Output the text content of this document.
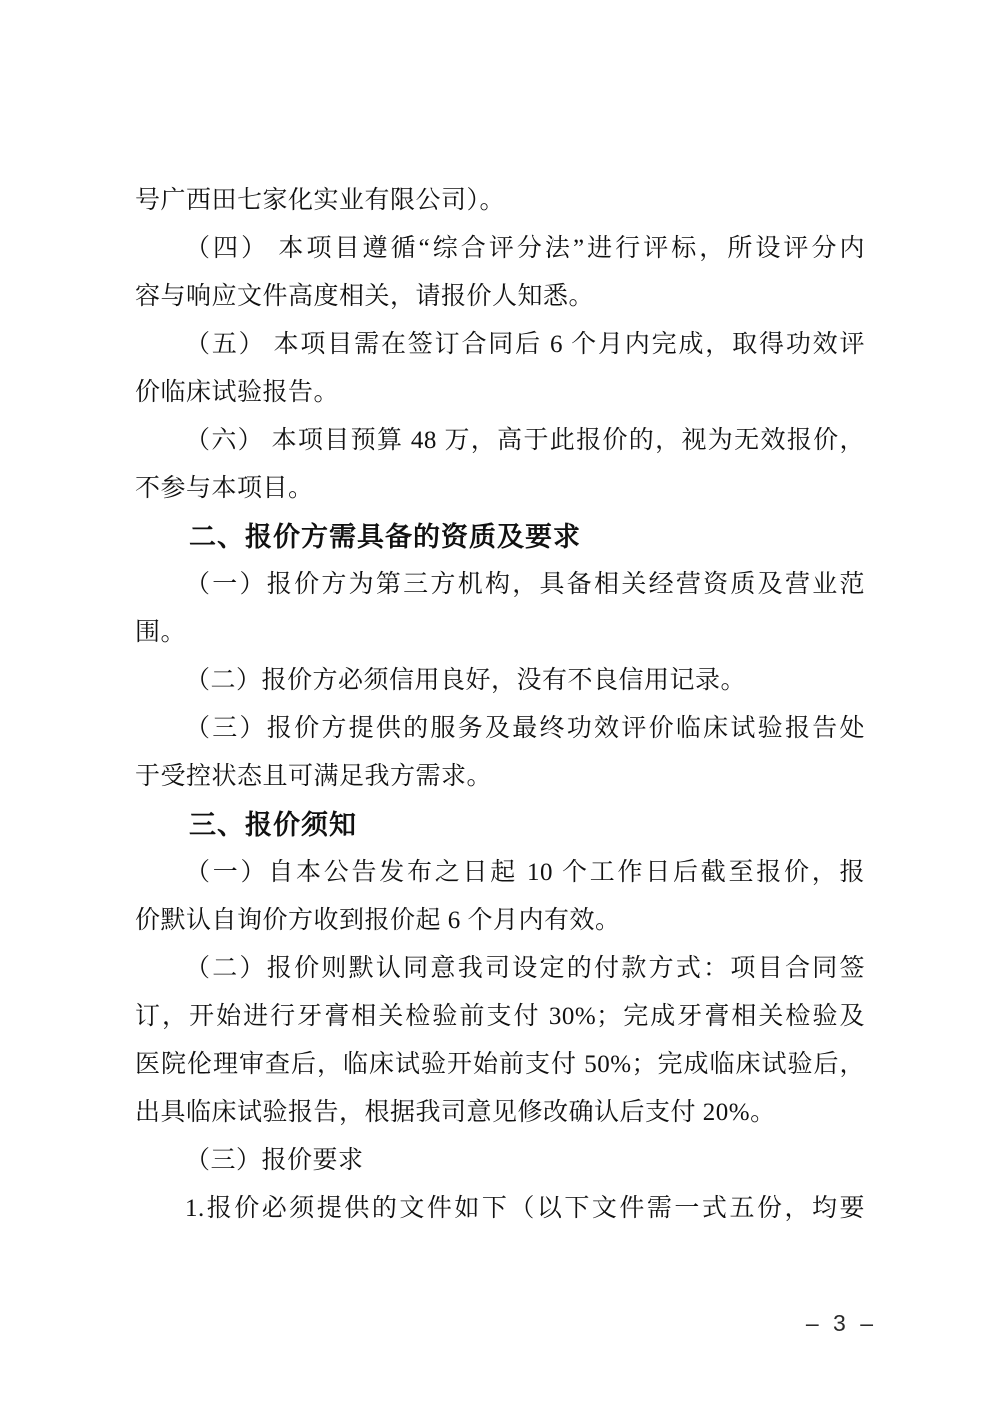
号广西田七家化实业有限公司）。
（四） 本项目遵循“综合评分法”进行评标，所设评分内
容与响应文件高度相关，请报价人知悉。
（五） 本项目需在签订合同后 6 个月内完成，取得功效评
价临床试验报告。
（六） 本项目预算 48 万，高于此报价的，视为无效报价，
不参与本项目。
二、报价方需具备的资质及要求
（一）报价方为第三方机构，具备相关经营资质及营业范
围。
（二）报价方必须信用良好，没有不良信用记录。
（三）报价方提供的服务及最终功效评价临床试验报告处
于受控状态且可满足我方需求。
三、报价须知
（一）自本公告发布之日起 10 个工作日后截至报价，报
价默认自询价方收到报价起 6 个月内有效。
（二）报价则默认同意我司设定的付款方式：项目合同签
订，开始进行牙膏相关检验前支付 30%；完成牙膏相关检验及
医院伦理审查后，临床试验开始前支付 50%；完成临床试验后，
出具临床试验报告，根据我司意见修改确认后支付 20%。
（三）报价要求
1.报价必须提供的文件如下（以下文件需一式五份，均要
– 3 –
